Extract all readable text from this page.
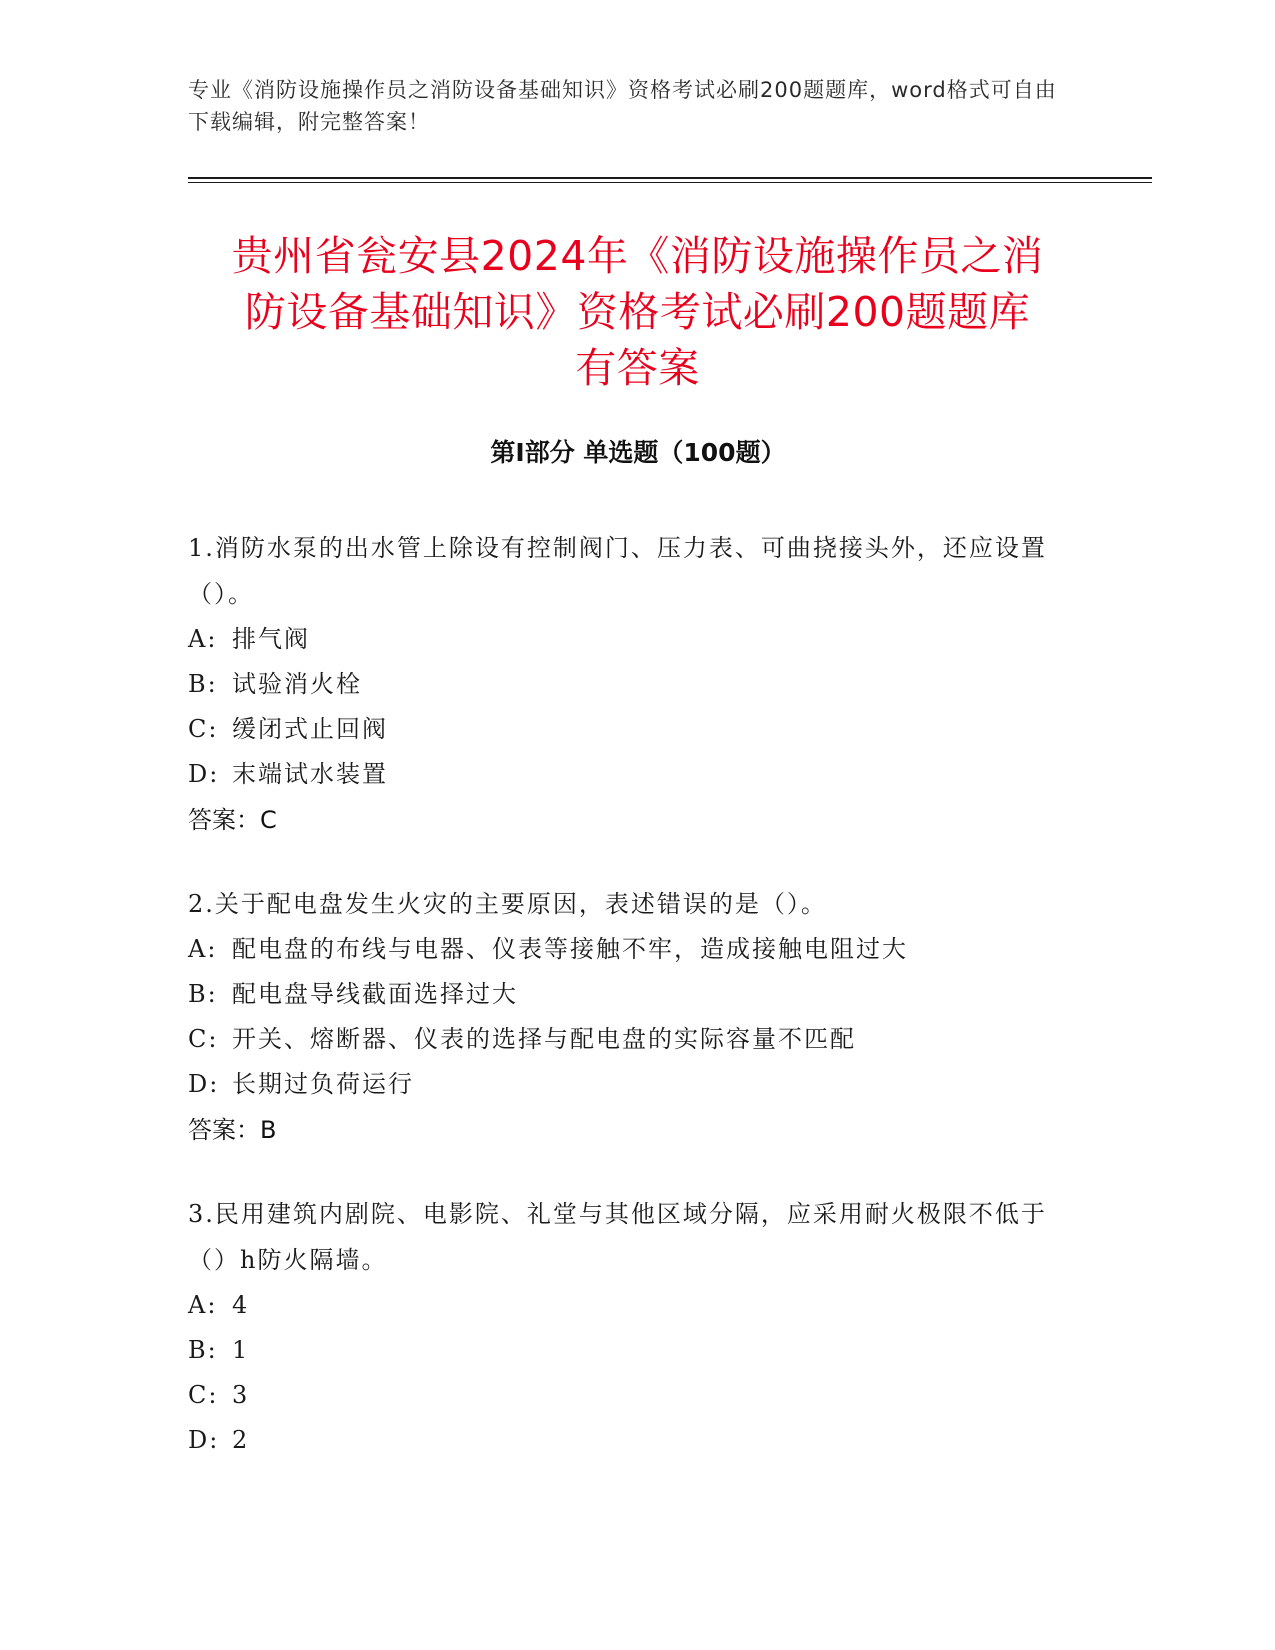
专业《消防设施操作员之消防设备基础知识》资格考试必刷200题题库，word格式可自由下载编辑，附完整答案！
贵州省瓮安县2024年《消防设施操作员之消
防设备基础知识》资格考试必刷200题题库
有答案
第Ⅰ部分 单选题（100题）
1.消防水泵的出水管上除设有控制阀门、压力表、可曲挠接头外，还应设置（）。
A: 排气阀
B: 试验消火栓
C: 缓闭式止回阀
D: 末端试水装置
答案：C
2.关于配电盘发生火灾的主要原因，表述错误的是（）。
A: 配电盘的布线与电器、仪表等接触不牢，造成接触电阻过大
B: 配电盘导线截面选择过大
C: 开关、熔断器、仪表的选择与配电盘的实际容量不匹配
D: 长期过负荷运行
答案：B
3.民用建筑内剧院、电影院、礼堂与其他区域分隔，应采用耐火极限不低于（）h防火隔墙。
A: 4
B: 1
C: 3
D: 2
